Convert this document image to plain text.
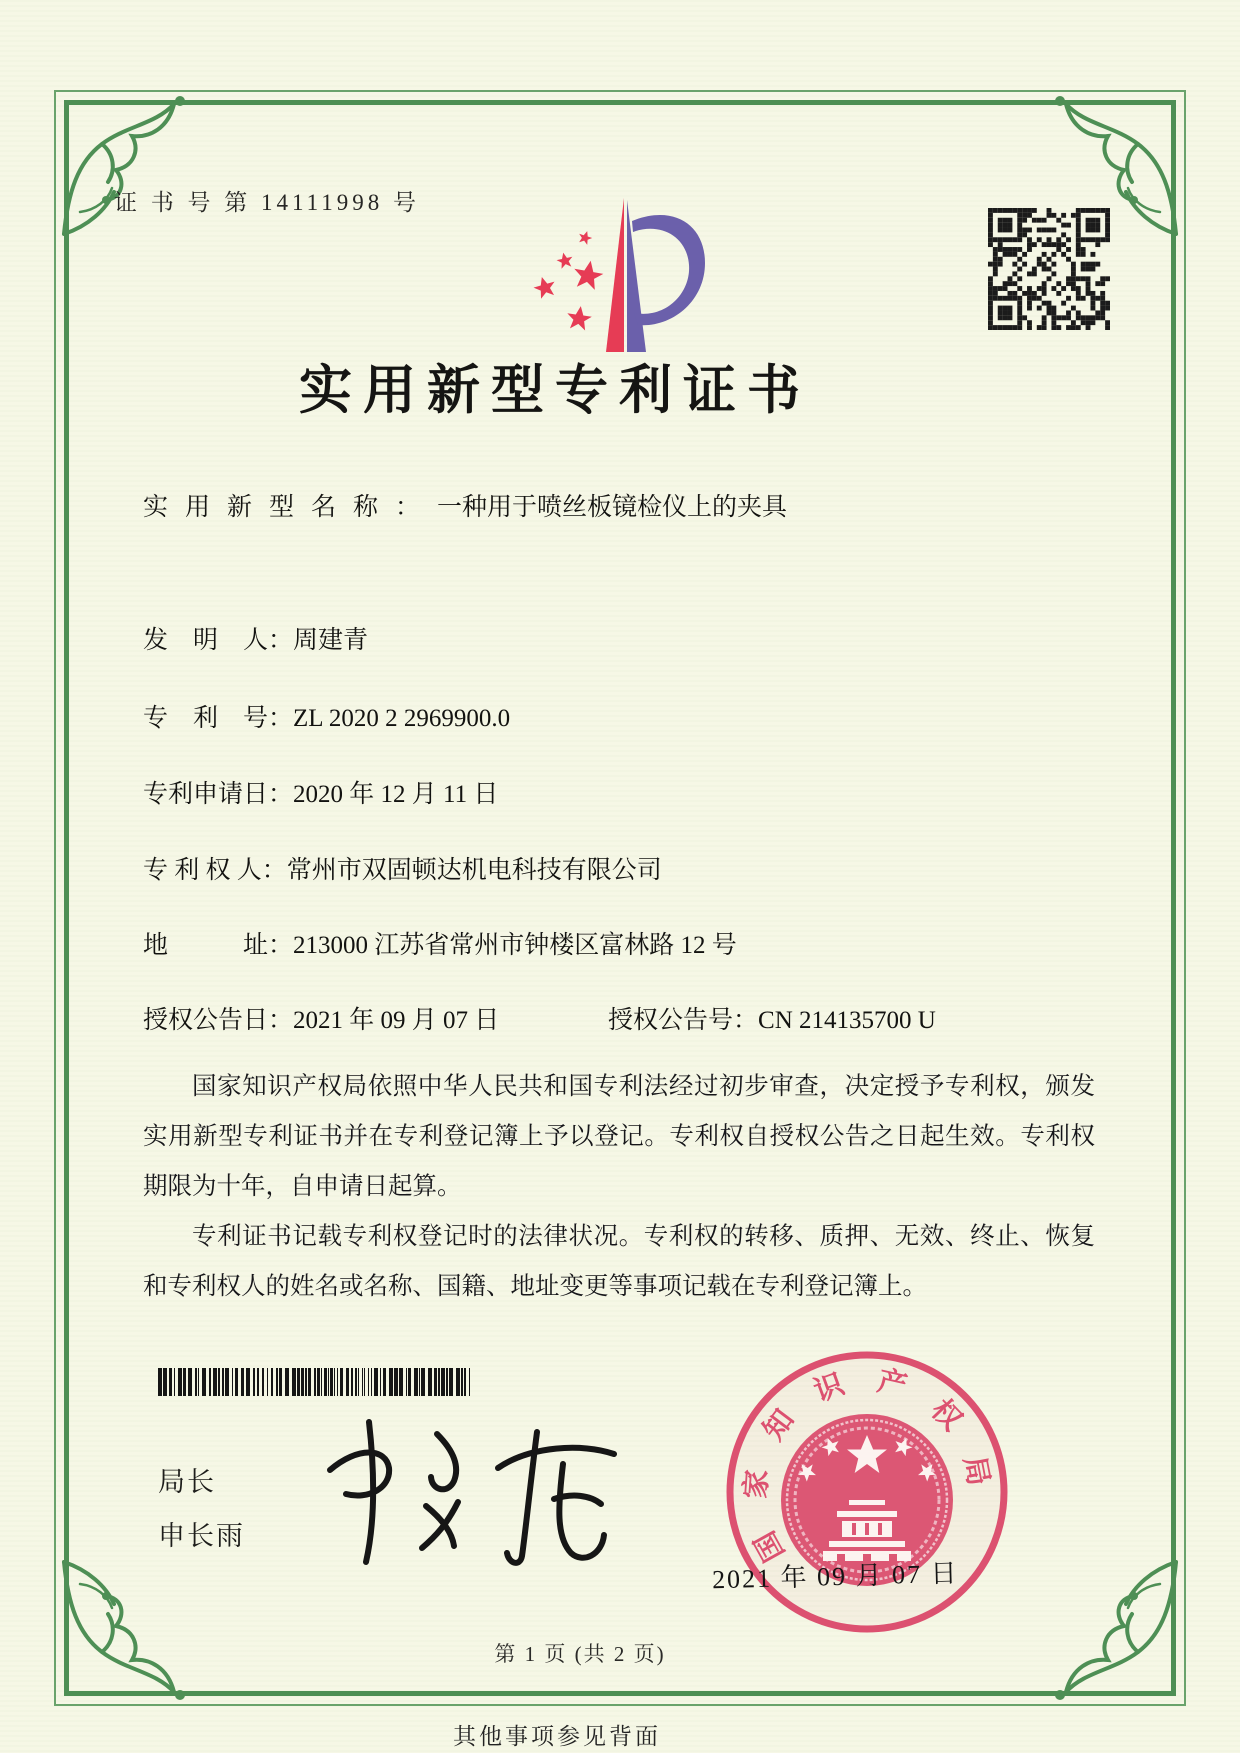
证 书 号 第 14111998 号
实用新型专利证书
实用新型名称：一种用于喷丝板镜检仪上的夹具
发　明　人：周建青
专　利　号：ZL 2020 2 2969900.0
专利申请日：2020 年 12 月 11 日
专 利 权 人：常州市双固顿达机电科技有限公司
地　　　址：213000 江苏省常州市钟楼区富林路 12 号
授权公告日：2021 年 09 月 07 日	授权公告号：CN 214135700 U

国家知识产权局依照中华人民共和国专利法经过初步审查，决定授予专利权，颁发实用新型专利证书并在专利登记簿上予以登记。专利权自授权公告之日起生效。专利权期限为十年，自申请日起算。

专利证书记载专利权登记时的法律状况。专利权的转移、质押、无效、终止、恢复和专利权人的姓名或名称、国籍、地址变更等事项记载在专利登记簿上。

局长
申长雨	国
家
知
识 产
权
局
2021 年 09 月 07 日
第 1 页 (共 2 页)
其他事项参见背面
